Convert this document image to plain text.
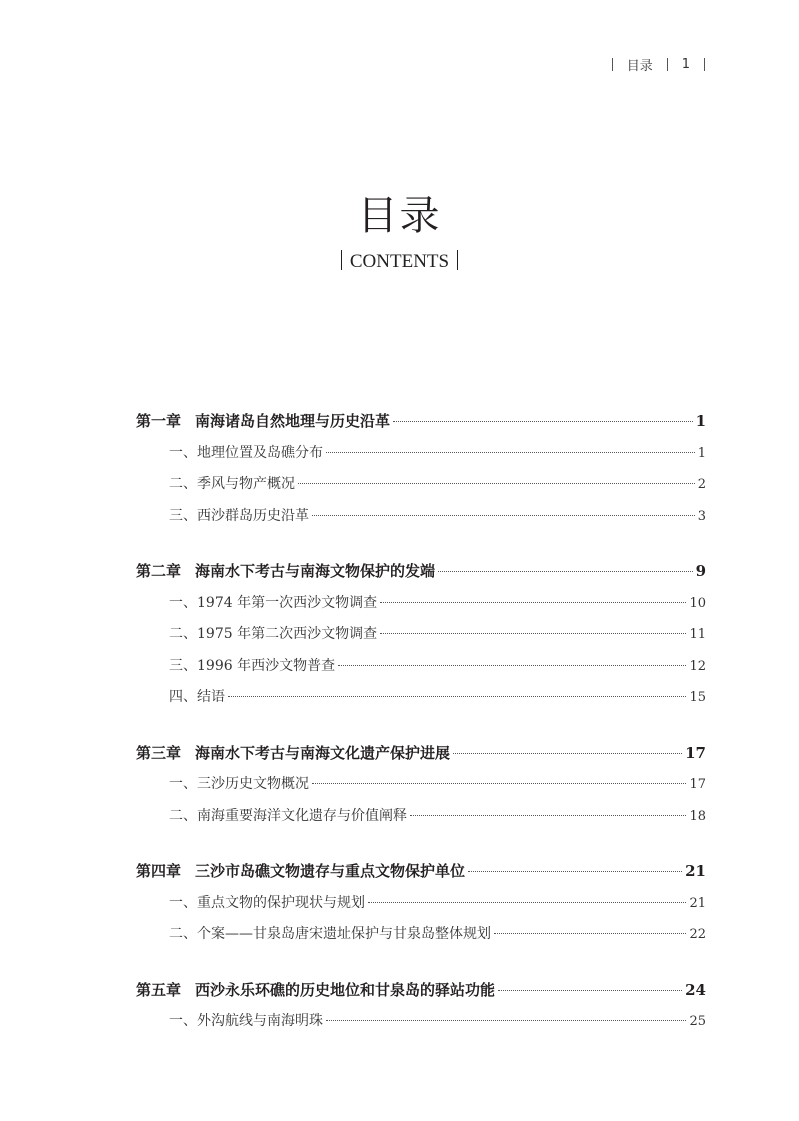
目录 1
目录
CONTENTS
第一章 南海诸岛自然地理与历史沿革	1
一、地理位置及岛礁分布	1
二、季风与物产概况	2
三、西沙群岛历史沿革	3
第二章 海南水下考古与南海文物保护的发端	9
一、1974 年第一次西沙文物调查	10
二、1975 年第二次西沙文物调查	11
三、1996 年西沙文物普查	12
四、结语	15
第三章 海南水下考古与南海文化遗产保护进展	17
一、三沙历史文物概况	17
二、南海重要海洋文化遗存与价值阐释	18
第四章 三沙市岛礁文物遗存与重点文物保护单位	21
一、重点文物的保护现状与规划	21
二、个案——甘泉岛唐宋遗址保护与甘泉岛整体规划	22
第五章 西沙永乐环礁的历史地位和甘泉岛的驿站功能	24
一、外沟航线与南海明珠	25
